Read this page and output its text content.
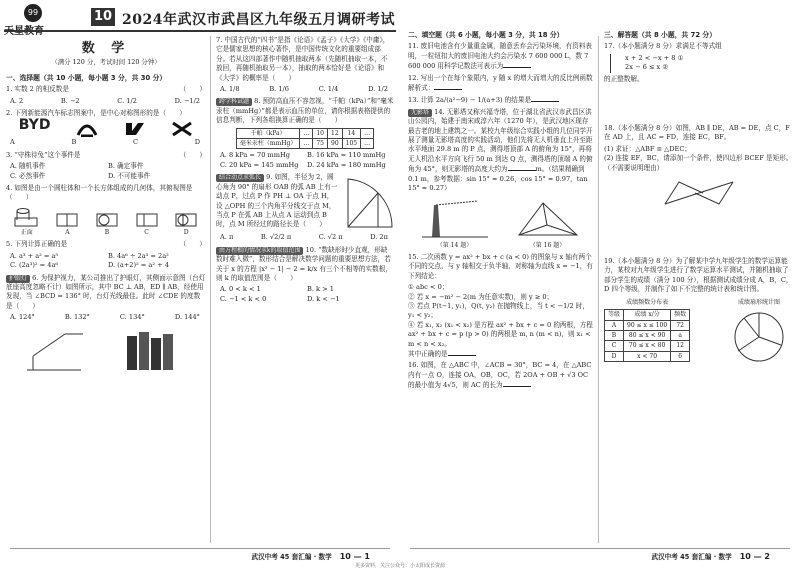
99
天星教育
10 2024年武汉市武昌区九年级五月调研考试
数 学
（满分 120 分，考试时间 120 分钟）
一、选择题（共 10 小题，每小题 3 分，共 30 分）
1. 实数 2 的相反数是	（　　）
A. 2	B. −2	C. 1/2	D. −1/2
2. 下列新能源汽车标志图案中，是中心对称图形的是（　　）
BYD
A	B	C	D
3. “守株待兔”这个事件是	（　　）
A. 随机事件	B. 确定事件
C. 必然事件	D. 不可能事件
4. 如图是由一个圆柱体和一个长方体组成的几何体，其俯视图是（　　）
正面	A	B	C	D
5. 下列计算正确的是	（　　）
A. a³ + a² = a⁵	B. 4a⁶ ÷ 2a³ = 2a²
C. (2a³)² = 4a⁶	D. (a+2)² = a² + 4
护眼灯 6. 为保护视力，某公司推出了护眼灯，其侧面示意图（台灯底座高度忽略不计）如图所示，其中 BC ⊥ AB，ED ∥ AB，经使用发现，当 ∠BCD = 136° 时，台灯光线最佳。此时 ∠CDE 的度数是（　　）
A. 124°	B. 132°	C. 134°	D. 144°
7. 中国古代的“四书”是指《论语》《孟子》《大学》《中庸》，它是儒家思想的核心著作，是中国传统文化的重要组成部分。若从这四部著作中随机抽取两本（先随机抽取一本，不放回，再随机抽取另一本），抽取的两本恰好是《论语》和《大学》的概率是（　　）
A. 1/8	B. 1/6	C. 1/4	D. 1/2
跨学科试题 8. 预防高血压不容忽视，“千帕（kPa）”和“毫米汞柱（mmHg）”都是表示血压的单位，请你根据表格提供的信息判断，下列各组换算正确的是（　　）
千帕（kPa）	…	10	12	14	…
毫米汞柱（mmHg）	…	75	90	105	…
A. 8 kPa = 70 mmHg	B. 16 kPa = 110 mmHg
C. 20 kPa = 145 mmHg	D. 24 kPa = 180 mmHg
结合动点求弧长 9. 如图，半径为 2，圆心角为 90° 的扇形 OAB 的弧 AB 上有一动点 P，过点 P 作 PH ⊥ OA 于点 H，设 △OPH 的三个内角平分线交于点 M，当点 P 在弧 AB 上从点 A 运动到点 B 时，点 M 所经过的路径长是（　　）
A. π	B. √2/2 π	C. √2 π	D. 2π
由方程根的情况求k的取值范围 10. “数缺形时少直观，形缺数时难入微”，数形结合是解决数学问题的重要思想方法，若关于 x 的方程 |x² − 1| − 2 = k/x 有三个不相等的实数根，则 k 的取值范围是（　　）
A. 0 < k < 1	B. k > 1
C. −1 < k < 0	D. k < −1
武汉中考 45 套汇编 · 数学 10 — 1
二、填空题（共 6 小题，每小题 3 分，共 18 分）
11. 废旧电池含有少量重金属，随意丢弃会污染环境，有资料表明，一粒纽扣大的废旧电池大约会污染水 7 600 000 L，数 7 600 000 用科学记数法可表示为
12. 写出一个在每个象限内，y 随 x 的增大而增大的反比例函数解析式：
13. 计算 2a/(a²−9) − 1/(a+3) 的结果是
无影塔 14. 无影塔又称兴福寺塔，位于湖北省武汉市武昌区洪山公园内，始建于南宋咸淳六年（1270 年），是武汉地区现存最古老的地上建筑之一。某校九年级综合实践小组的几位同学开展了测量无影塔高度的实践活动，他们先将无人机垂直上升至距水平地面 29.8 m 的 P 点，测得塔顶部 A 的俯角为 15°，再将无人机沿水平方向飞行 50 m 到达 Q 点，测得塔的顶端 A 的俯角为 45°，则无影塔的高度大约为	m。（结果精确到 0.1 m，参考数据：sin 15° ≈ 0.26，cos 15° ≈ 0.97，tan 15° ≈ 0.27）
（第 14 题）	（第 16 题）
15. 二次函数 y = ax² + bx + c (a < 0) 的图象与 x 轴有两个不同的交点，与 y 轴相交于负半轴，对称轴为直线 x = −1，有下列结论：
① abc < 0；
② 若 x = −m² − 2(m 为任意实数)，则 y ≥ 0；
③ 若点 P(t−1, y₁)，Q(t, y₂) 在抛物线上，当 t < −1/2 时，y₁ < y₂；
④ 若 x₁, x₂ (x₁ < x₂) 是方程 ax² + bx + c = 0 的两根，方程 ax² + bx + c = p (p > 0) 的两根是 m, n (m < n)，则 x₁ < m < n < x₂。
其中正确的是
16. 如图，在 △ABC 中，∠ACB = 30°，BC = 4，在 △ABC 内有一点 O，连接 OA，OB，OC，若 2OA + OB + √3 OC 的最小值为 4√5，则 AC 的长为
三、解答题（共 8 小题，共 72 分）
17.（本小题满分 8 分）求满足不等式组
x + 2 < −x + 8 ①
2x − 6 ≤ x ②
的正整数解。
18.（本小题满分 8 分）如图，AB ∥ DE，AB = DE，点 C，F 在 AD 上，且 AC = FD，连接 EC，BF。
(1) 求证：△ABF ≌ △DEC；
(2) 连接 EF，BC，请添加一个条件，使四边形 BCEF 是矩形。（不需要说明理由）
19.（本小题满分 8 分）为了解某中学九年级学生的数学运算能力，某校对九年级学生进行了数学运算水平测试，并随机抽取了部分学生的成绩（满分 100 分），根据测试成绩分成 A，B，C，D 四个等级，并制作了如下不完整的统计表和统计图。
成绩频数分布表
等级	成绩 x/分	频数
A	90 ≤ x ≤ 100	72
B	80 ≤ x < 90	a
C	70 ≤ x < 80	12
D	x < 70	6
成绩扇形统计图
武汉中考 45 套汇编 · 数学 10 — 2
更多资料，关注公众号：小太阳成长资源
